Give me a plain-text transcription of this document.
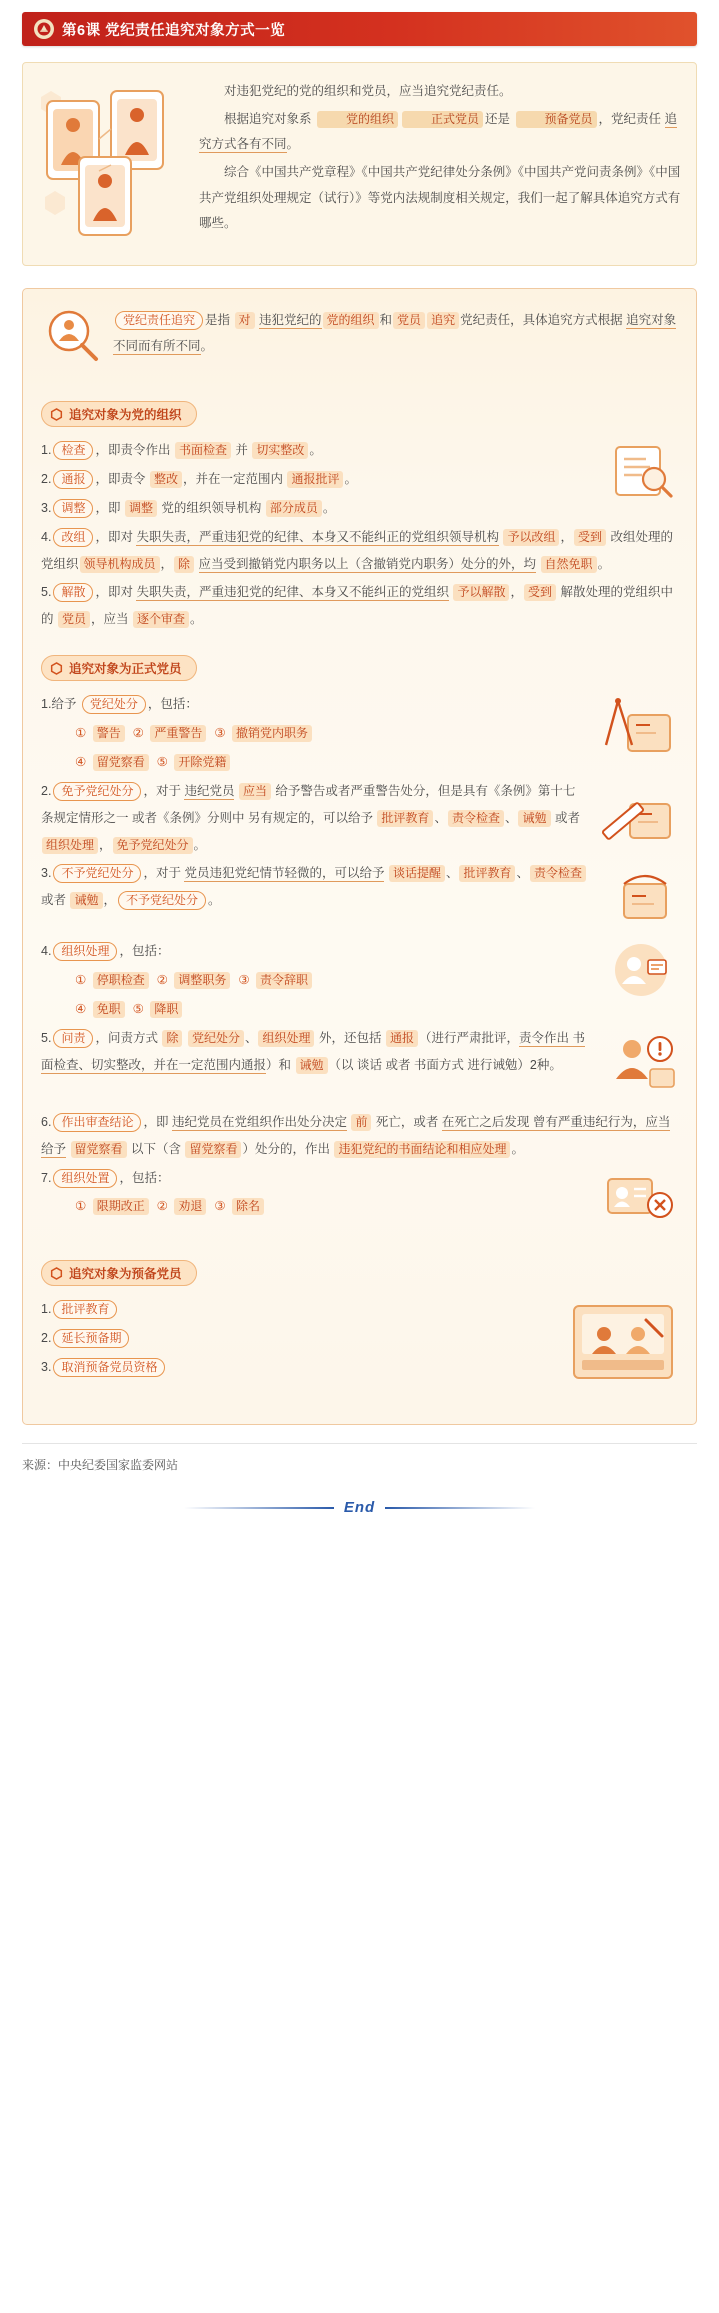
第6课 党纪责任追究对象方式一览

对违犯党纪的党的组织和党员，应当追究党纪责任。

根据追究对象系	党的组织	正式党员 还是	预备党员 ，党纪责任 追究方式各有不同。

综合《中国共产党章程》《中国共产党纪律处分条例》《中国共产党问责条例》《中国共产党组织处理规定（试行）》等党内法规制度相关规定，我们一起了解具体追究方式有哪些。

党纪责任追究 是指 对 违犯党纪的 党的组织 和 党员 追究 党纪责任，具体追究方式根据 追究对象不同而有所不同。
追究对象为党的组织
1. 检查 ，即责令作出 书面检查 并 切实整改 。
2. 通报 ，即责令 整改 ，并在一定范围内 通报批评 。
3. 调整 ，即 调整 党的组织领导机构 部分成员 。
4. 改组 ，即对 失职失责，严重违犯党的纪律、本身又不能纠正的党组织领导机构 予以改组 ， 受到 改组处理的党组织 领导机构成员 ， 除 应当受到撤销党内职务以上（含撤销党内职务）处分的外，均 自然免职 。
5. 解散 ，即对 失职失责，严重违犯党的纪律、本身又不能纠正的党组织 予以解散 ， 受到 解散处理的党组织中的 党员 ，应当 逐个审查 。
追究对象为正式党员
1.给予 党纪处分 ，包括：
① 警告 ② 严重警告 ③ 撤销党内职务
④ 留党察看 ⑤ 开除党籍
2. 免予党纪处分 ，对于 违纪党员 应当 给予警告或者严重警告处分，但是具有《条例》第十七条规定情形之一 或者《条例》分则中 另有规定的，可以给予 批评教育 、 责令检查 、 诫勉 或者 组织处理 ， 免予党纪处分 。
3. 不予党纪处分 ，对于 党员违犯党纪情节轻微的，可以给予 谈话提醒 、 批评教育 、 责令检查 或者 诫勉 ， 不予党纪处分 。
4. 组织处理 ，包括：
① 停职检查 ② 调整职务 ③ 责令辞职
④ 免职 ⑤ 降职
5. 问责 ，问责方式 除 党纪处分 、 组织处理 外，还包括 通报 （进行严肃批评，责令作出 书面检查、切实整改，并在一定范围内通报）和 诫勉 （以 谈话 或者 书面方式 进行诫勉）2种。
6. 作出审查结论 ，即 违纪党员在党组织作出处分决定 前 死亡，或者 在死亡之后发现 曾有严重违纪行为，应当给予 留党察看 以下（含 留党察看 ）处分的，作出 违犯党纪的书面结论和相应处理 。
7. 组织处置 ，包括：
① 限期改正 ② 劝退 ③ 除名
追究对象为预备党员
1. 批评教育
2. 延长预备期
3. 取消预备党员资格
来源：中央纪委国家监委网站
End
